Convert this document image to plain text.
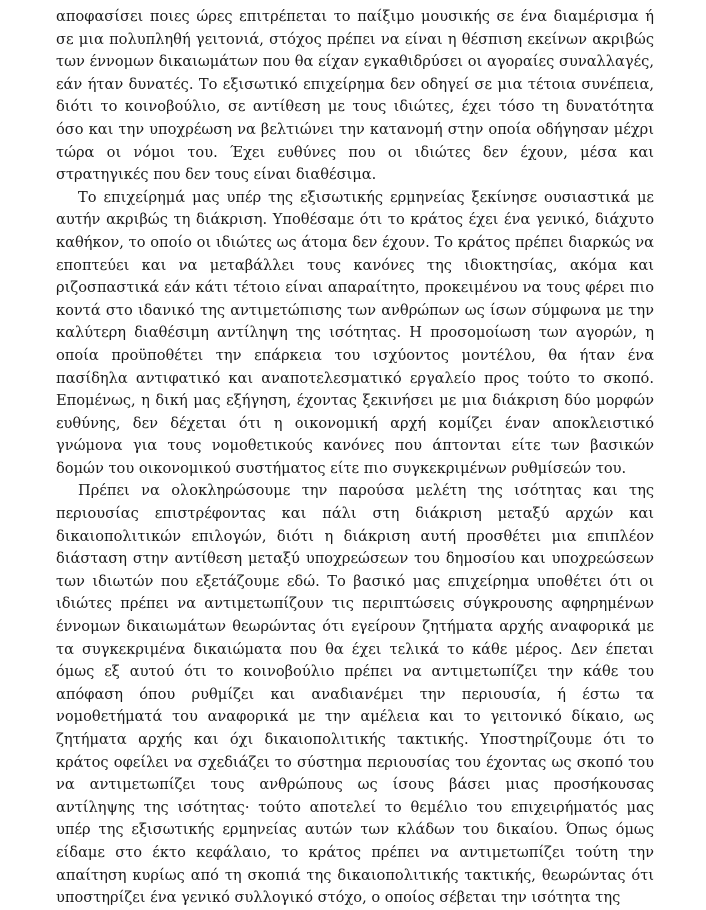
αποφασίσει ποιες ώρες επιτρέπεται το παίξιμο μουσικής σε ένα διαμέρισμα ή σε μια πολυπληθή γειτονιά, στόχος πρέπει να είναι η θέσπιση εκείνων ακριβώς των έννομων δικαιωμάτων που θα είχαν εγκαθιδρύσει οι αγοραίες συναλλαγές, εάν ήταν δυνατές. Το εξισωτικό επιχείρημα δεν οδηγεί σε μια τέτοια συνέπεια, διότι το κοινοβούλιο, σε αντίθεση με τους ιδιώτες, έχει τόσο τη δυνατότητα όσο και την υποχρέωση να βελτιώνει την κατανομή στην οποία οδήγησαν μέχρι τώρα οι νόμοι του. Έχει ευθύνες που οι ιδιώτες δεν έχουν, μέσα και στρατηγικές που δεν τους είναι διαθέσιμα.

Το επιχείρημά μας υπέρ της εξισωτικής ερμηνείας ξεκίνησε ουσιαστικά με αυτήν ακριβώς τη διάκριση. Υποθέσαμε ότι το κράτος έχει ένα γενικό, διάχυτο καθήκον, το οποίο οι ιδιώτες ως άτομα δεν έχουν. Το κράτος πρέπει διαρκώς να εποπτεύει και να μεταβάλλει τους κανόνες της ιδιοκτησίας, ακόμα και ριζοσπαστικά εάν κάτι τέτοιο είναι απαραίτητο, προκειμένου να τους φέρει πιο κοντά στο ιδανικό της αντιμετώπισης των ανθρώπων ως ίσων σύμφωνα με την καλύτερη διαθέσιμη αντίληψη της ισότητας. Η προσομοίωση των αγορών, η οποία προϋποθέτει την επάρκεια του ισχύοντος μοντέλου, θα ήταν ένα πασίδηλα αντιφατικό και αναποτελεσματικό εργαλείο προς τούτο το σκοπό. Επομένως, η δική μας εξήγηση, έχοντας ξεκινήσει με μια διάκριση δύο μορφών ευθύνης, δεν δέχεται ότι η οικονομική αρχή κομίζει έναν αποκλειστικό γνώμονα για τους νομοθετικούς κανόνες που άπτονται είτε των βασικών δομών του οικονομικού συστήματος είτε πιο συγκεκριμένων ρυθμίσεών του.

Πρέπει να ολοκληρώσουμε την παρούσα μελέτη της ισότητας και της περιουσίας επιστρέφοντας και πάλι στη διάκριση μεταξύ αρχών και δικαιοπολιτικών επιλογών, διότι η διάκριση αυτή προσθέτει μια επιπλέον διάσταση στην αντίθεση μεταξύ υποχρεώσεων του δημοσίου και υποχρεώσεων των ιδιωτών που εξετάζουμε εδώ. Το βασικό μας επιχείρημα υποθέτει ότι οι ιδιώτες πρέπει να αντιμετωπίζουν τις περιπτώσεις σύγκρουσης αφηρημένων έννομων δικαιωμάτων θεωρώντας ότι εγείρουν ζητήματα αρχής αναφορικά με τα συγκεκριμένα δικαιώματα που θα έχει τελικά το κάθε μέρος. Δεν έπεται όμως εξ αυτού ότι το κοινοβούλιο πρέπει να αντιμετωπίζει την κάθε του απόφαση όπου ρυθμίζει και αναδιανέμει την περιουσία, ή έστω τα νομοθετήματά του αναφορικά με την αμέλεια και το γειτονικό δίκαιο, ως ζητήματα αρχής και όχι δικαιοπολιτικής τακτικής. Υποστηρίζουμε ότι το κράτος οφείλει να σχεδιάζει το σύστημα περιουσίας του έχοντας ως σκοπό του να αντιμετωπίζει τους ανθρώπους ως ίσους βάσει μιας προσήκουσας αντίληψης της ισότητας· τούτο αποτελεί το θεμέλιο του επιχειρήματός μας υπέρ της εξισωτικής ερμηνείας αυτών των κλάδων του δικαίου. Όπως όμως είδαμε στο έκτο κεφάλαιο, το κράτος πρέπει να αντιμετωπίζει τούτη την απαίτηση κυρίως από τη σκοπιά της δικαιοπολιτικής τακτικής, θεωρώντας ότι υποστηρίζει ένα γενικό συλλογικό στόχο, ο οποίος σέβεται την ισότητα της
